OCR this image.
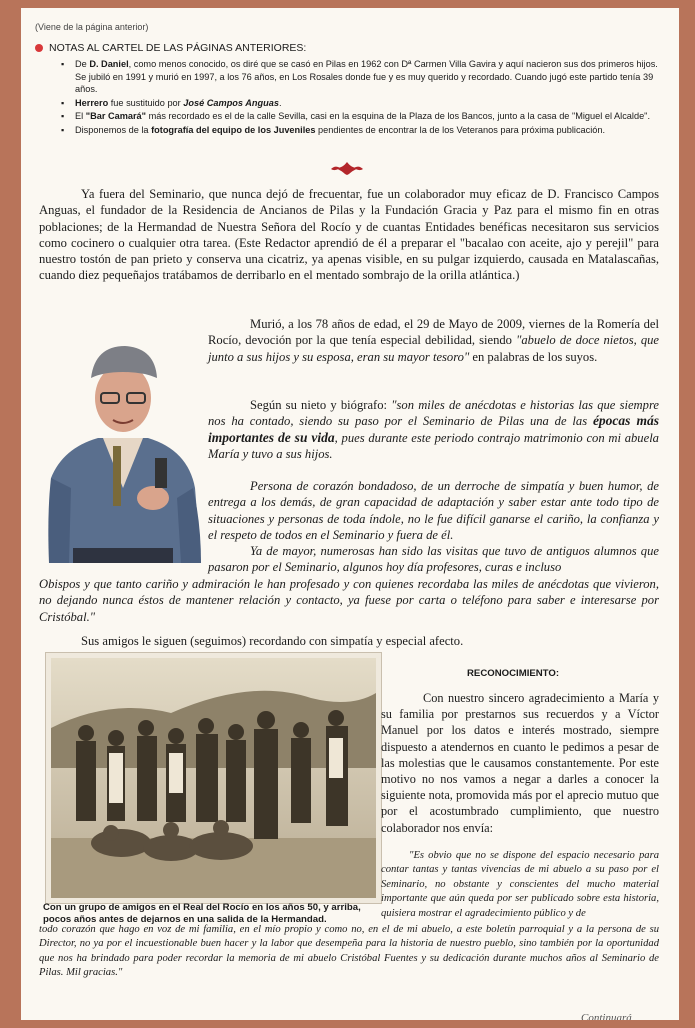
(Viene de la página anterior)
NOTAS AL CARTEL DE LAS PÁGINAS ANTERIORES:
▪ De D. Daniel, como menos conocido, os diré que se casó en Pilas en 1962 con Dª Carmen Villa Gavira y aquí nacieron sus dos primeros hijos. Se jubiló en 1991 y murió en 1997, a los 76 años, en Los Rosales donde fue y es muy querido y recordado. Cuando jugó este partido tenía 39 años.
▪ Herrero fue sustituido por José Campos Anguas.
▪ El "Bar Camará" más recordado es el de la calle Sevilla, casi en la esquina de la Plaza de los Bancos, junto a la casa de "Miguel el Alcalde".
▪ Disponemos de la fotografía del equipo de los Juveniles pendientes de encontrar la de los Veteranos para próxima publicación.

Ya fuera del Seminario, que nunca dejó de frecuentar, fue un colaborador muy eficaz de D. Francisco Campos Anguas, el fundador de la Residencia de Ancianos de Pilas y la Fundación Gracia y Paz para el mismo fin en otras poblaciones; de la Hermandad de Nuestra Señora del Rocío y de cuantas Entidades benéficas necesitaron sus servicios como cocinero o cualquier otra tarea. (Este Redactor aprendió de él a preparar el "bacalao con aceite, ajo y perejil" para nuestro tostón de pan prieto y conserva una cicatriz, ya apenas visible, en su pulgar izquierdo, causada en Matalascañas, cuando diez pequeñajos tratábamos de derribarlo en el mentado sombrajo de la orilla atlántica.)

Murió, a los 78 años de edad, el 29 de Mayo de 2009, viernes de la Romería del Rocío, devoción por la que tenía especial debilidad, siendo "abuelo de doce nietos, que junto a sus hijos y su esposa, eran su mayor tesoro" en palabras de los suyos.
Según su nieto y biógrafo: "son miles de anécdotas e historias las que siempre nos ha contado, siendo su paso por el Seminario de Pilas una de las épocas más importantes de su vida, pues durante este periodo contrajo matrimonio con mi abuela María y tuvo a sus hijos.

Persona de corazón bondadoso, de un derroche de simpatía y buen humor, de entrega a los demás, de gran capacidad de adaptación y saber estar ante todo tipo de situaciones y personas de toda índole, no le fue difícil ganarse el cariño, la confianza y el respeto de todos en el Seminario y fuera de él.

Ya de mayor, numerosas han sido las visitas que tuvo de antiguos alumnos que pasaron por el Seminario, algunos hoy día profesores, curas e incluso

Obispos y que tanto cariño y admiración le han profesado y con quienes recordaba las miles de anécdotas que vivieron, no dejando nunca éstos de mantener relación y contacto, ya fuese por carta o teléfono para saber e interesarse por Cristóbal."

Sus amigos le siguen (seguimos) recordando con simpatía y especial afecto.

Con un grupo de amigos en el Real del Rocío en los años 50, y arriba,
pocos años antes de dejarnos en una salida de la Hermandad.
RECONOCIMIENTO:

Con nuestro sincero agradecimiento a María y su familia por prestarnos sus recuerdos y a Víctor Manuel por los datos e interés mostrado, siempre dispuesto a atendernos en cuanto le pedimos a pesar de las molestias que le causamos constantemente. Por este motivo no nos vamos a negar a darles a conocer la siguiente nota, promovida más por el aprecio mutuo que por el acostumbrado cumplimiento, que nuestro colaborador nos envía:

"Es obvio que no se dispone del espacio necesario para contar tantas y tantas vivencias de mi abuelo a su paso por el Seminario, no obstante y conscientes del mucho material importante que aún queda por ser publicado sobre esta historia, quisiera mostrar el agradecimiento público y de

todo corazón que hago en voz de mi familia, en el mío propio y como no, en el de mi abuelo, a este boletín parroquial y a la persona de su Director, no ya por el incuestionable buen hacer y la labor que desempeña para la historia de nuestro pueblo, sino también por la oportunidad que nos ha brindado para poder recordar la memoria de mi abuelo Cristóbal Fuentes y su dedicación durante muchos años al Seminario de Pilas. Mil gracias."

Continuará
